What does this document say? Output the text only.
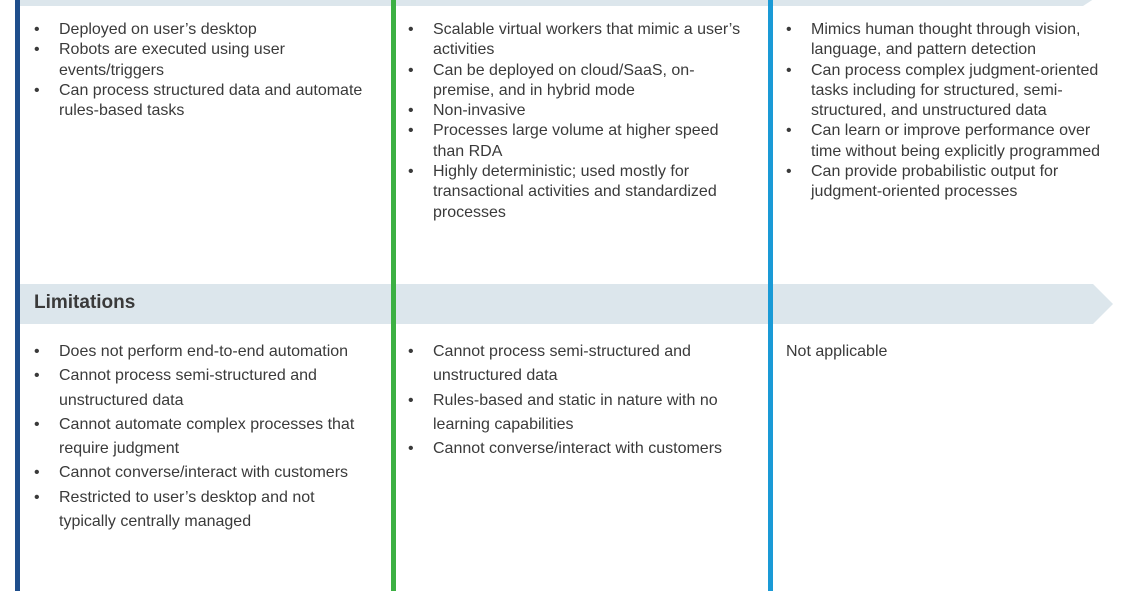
Limitations
• Deployed on user’s desktop
• Robots are executed using user events/triggers
• Can process structured data and automate rules-based tasks
• Scalable virtual workers that mimic a user’s activities
• Can be deployed on cloud/SaaS, on-premise, and in hybrid mode
• Non-invasive
• Processes large volume at higher speed than RDA
• Highly deterministic; used mostly for transactional activities and standardized processes
• Mimics human thought through vision, language, and pattern detection
• Can process complex judgment-oriented tasks including for structured, semi-structured, and unstructured data
• Can learn or improve performance over time without being explicitly programmed
• Can provide probabilistic output for judgment-oriented processes
• Does not perform end-to-end automation
• Cannot process semi-structured and unstructured data
• Cannot automate complex processes that require judgment
• Cannot converse/interact with customers
• Restricted to user’s desktop and not typically centrally managed
• Cannot process semi-structured and unstructured data
• Rules-based and static in nature with no learning capabilities
• Cannot converse/interact with customers

Not applicable
